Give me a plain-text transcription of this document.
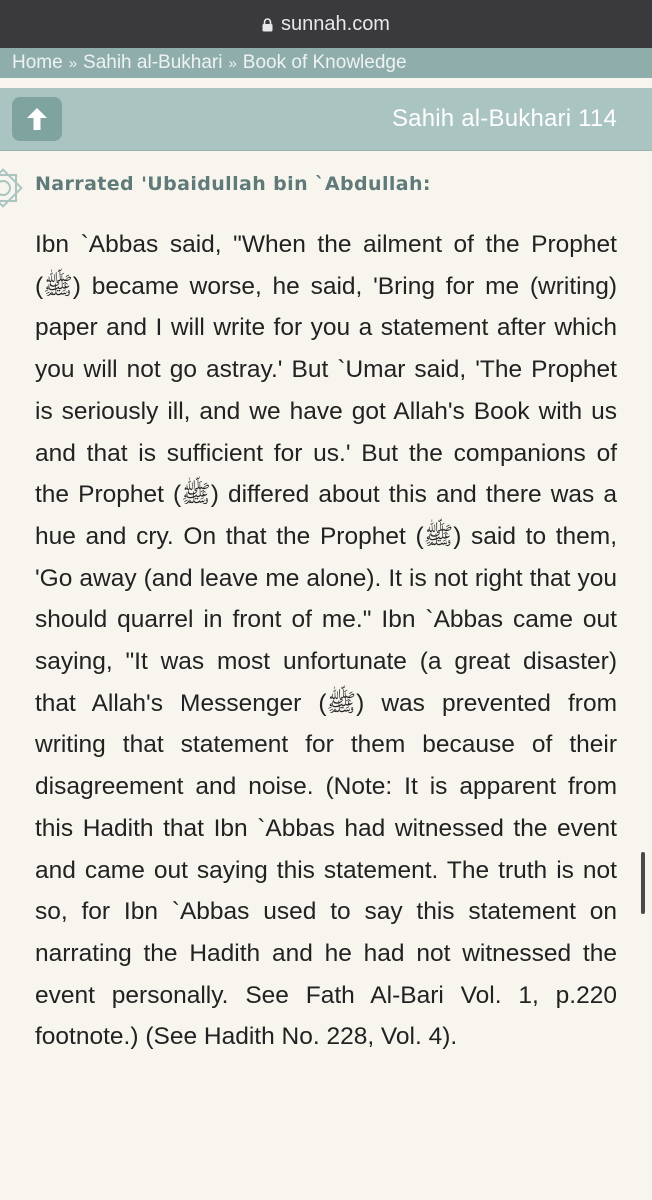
sunnah.com
Home » Sahih al-Bukhari » Book of Knowledge
Sahih al-Bukhari 114
Narrated 'Ubaidullah bin `Abdullah:

Ibn `Abbas said, "When the ailment of the Prophet (ﷺ) became worse, he said, 'Bring for me (writing) paper and I will write for you a statement after which you will not go astray.' But `Umar said, 'The Prophet is seriously ill, and we have got Allah's Book with us and that is sufficient for us.' But the companions of the Prophet (ﷺ) differed about this and there was a hue and cry. On that the Prophet (ﷺ) said to them, 'Go away (and leave me alone). It is not right that you should quarrel in front of me." Ibn `Abbas came out saying, "It was most unfortunate (a great disaster) that Allah's Messenger (ﷺ) was prevented from writing that statement for them because of their disagreement and noise. (Note: It is apparent from this Hadith that Ibn `Abbas had witnessed the event and came out saying this statement. The truth is not so, for Ibn `Abbas used to say this statement on narrating the Hadith and he had not witnessed the event personally. See Fath Al-Bari Vol. 1, p.220 footnote.) (See Hadith No. 228, Vol. 4).
